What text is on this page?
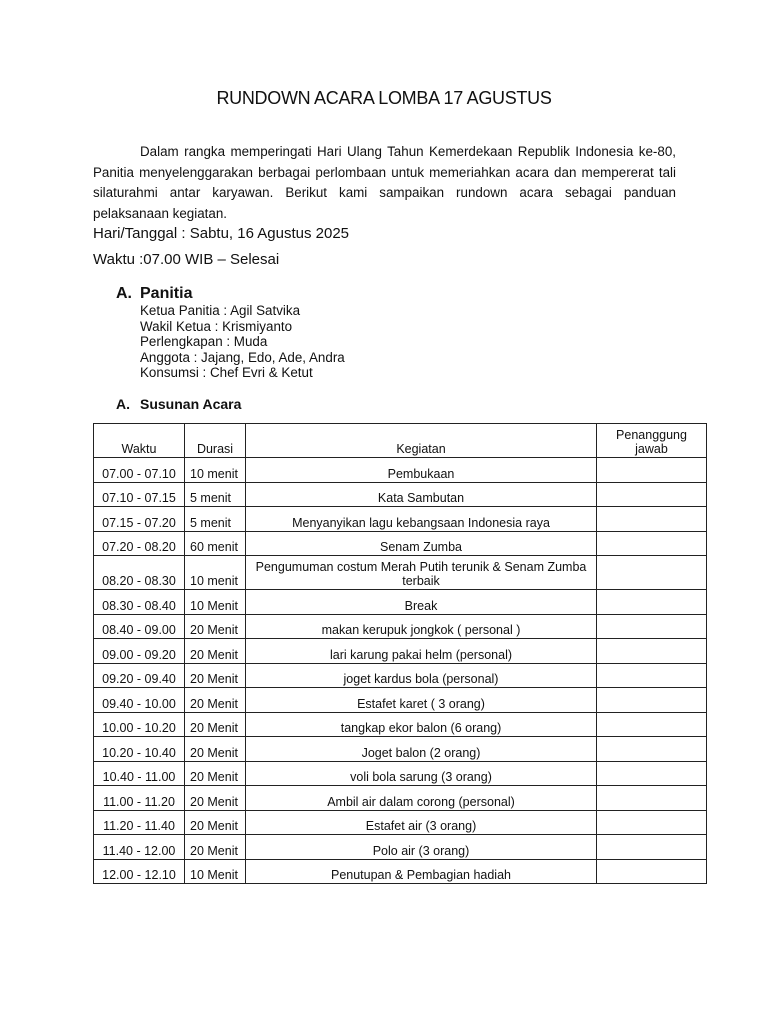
RUNDOWN ACARA LOMBA 17 AGUSTUS

Dalam rangka memperingati Hari Ulang Tahun Kemerdekaan Republik Indonesia ke-80, Panitia menyelenggarakan berbagai perlombaan untuk memeriahkan acara dan mempererat tali silaturahmi antar karyawan. Berikut kami sampaikan rundown acara sebagai panduan pelaksanaan kegiatan.

Hari/Tanggal : Sabtu, 16 Agustus 2025
Waktu :07.00 WIB – Selesai
A. Panitia
Ketua Panitia : Agil Satvika
Wakil Ketua : Krismiyanto
Perlengkapan : Muda
Anggota : Jajang, Edo, Ade, Andra
Konsumsi : Chef Evri & Ketut
A. Susunan Acara
Waktu	Durasi	Kegiatan	Penanggung
jawab
07.00 - 07.10	10 menit	Pembukaan	
07.10 - 07.15	5 menit	Kata Sambutan	
07.15 - 07.20	5 menit	Menyanyikan lagu kebangsaan Indonesia raya	
07.20 - 08.20	60 menit	Senam Zumba	
08.20 - 08.30	10 menit	Pengumuman costum Merah Putih terunik & Senam Zumba
terbaik	
08.30 - 08.40	10 Menit	Break	
08.40 - 09.00	20 Menit	makan kerupuk jongkok ( personal )	
09.00 - 09.20	20 Menit	lari karung pakai helm (personal)	
09.20 - 09.40	20 Menit	joget kardus bola (personal)	
09.40 - 10.00	20 Menit	Estafet karet ( 3 orang)	
10.00 - 10.20	20 Menit	tangkap ekor balon (6 orang)	
10.20 - 10.40	20 Menit	Joget balon (2 orang)	
10.40 - 11.00	20 Menit	voli bola sarung (3 orang)	
11.00 - 11.20	20 Menit	Ambil air dalam corong (personal)	
11.20 - 11.40	20 Menit	Estafet air (3 orang)	
11.40 - 12.00	20 Menit	Polo air (3 orang)	
12.00 - 12.10	10 Menit	Penutupan & Pembagian hadiah	
